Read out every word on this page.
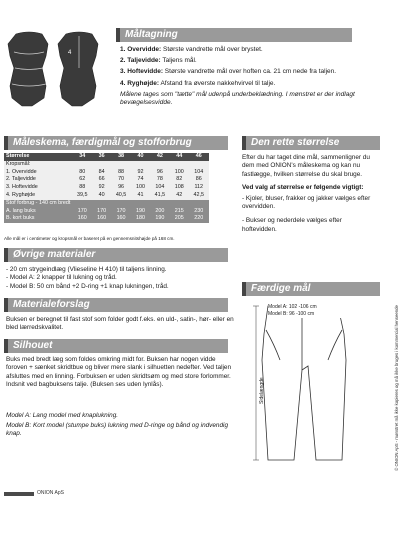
1
2
3
4
Måltagning

1. Overvidde: Største vandrette mål over brystet.

2. Taljevidde: Taljens mål.

3. Hoftevidde: Største vandrette mål over hoften ca. 21 cm nede fra taljen.

4. Ryghøjde: Afstand fra øverste nakkehvirvel til talje.

Målene tages som "tætte" mål udenpå underbeklædning. I mønstret er der indlagt bevægelsesvidde.

Måleskema, færdigmål og stofforbrug
Størrelse	34	36	38	40	42	44	46
Kropsmål:							
1. Overvidde	80	84	88	92	96	100	104
2. Taljevidde	62	66	70	74	78	82	86
3. Hoftevidde	88	92	96	100	104	108	112
4. Ryghøjde	39,5	40	40,5	41	41,5	42	42,5
Stof forbrug - 140 cm bredt							
A. lang buks	170	170	170	190	200	215	230
B. kort buks	160	160	160	180	190	205	220

Alle mål er i centimeter og kropsmål er baseret på en gennemsnitshøjde på 168 cm.

Øvrige materialer

- 20 cm strygeindlæg (Vlieseline H 410) til taljens linning.

- Model A: 2 knapper til lukning og tråd.

- Model B: 50 cm bånd +2 D-ring +1 knap lukningen, tråd.

Materialeforslag

Buksen er beregnet til fast stof som folder godt f.eks. en uld-, satin-, hør- eller en bled lærredskvalitet.

Silhouet

Buks med bredt læg som foldes omkring midt for. Buksen har nogen vidde foroven + sænket skridtbue og bliver mere slank i silhuetten nedefter. Ved taljen afsluttes med en linning. Forbuksen er uden skridtsøm og med store forlommer. Indsnit ved bagbuksens talje. (Buksen ses uden lynlås).

Model A: Lang model med knaplukning.

Model B: Kort model (stumpe buks) lukning med D-ringe og bånd og indvendig knap.

ONION ApS
Den rette størrelse

Efter du har taget dine mål, sammenligner du dem med ONION's måleskema og kan nu fastlægge, hvilken størrelse du skal bruge.

Ved valg af størrelse er følgende vigtigt:

- Kjoler, bluser, frakker og jakker vælges efter overvidden.

- Bukser og nederdele vælges efter hoftevidden.

Færdige mål

Model A: 102 -106 cm

Model B: 96 -100 cm

Sidelængde	© ONION ApS - mønstret må ikke kopieres og må ikke bruges i kommercial henseende
